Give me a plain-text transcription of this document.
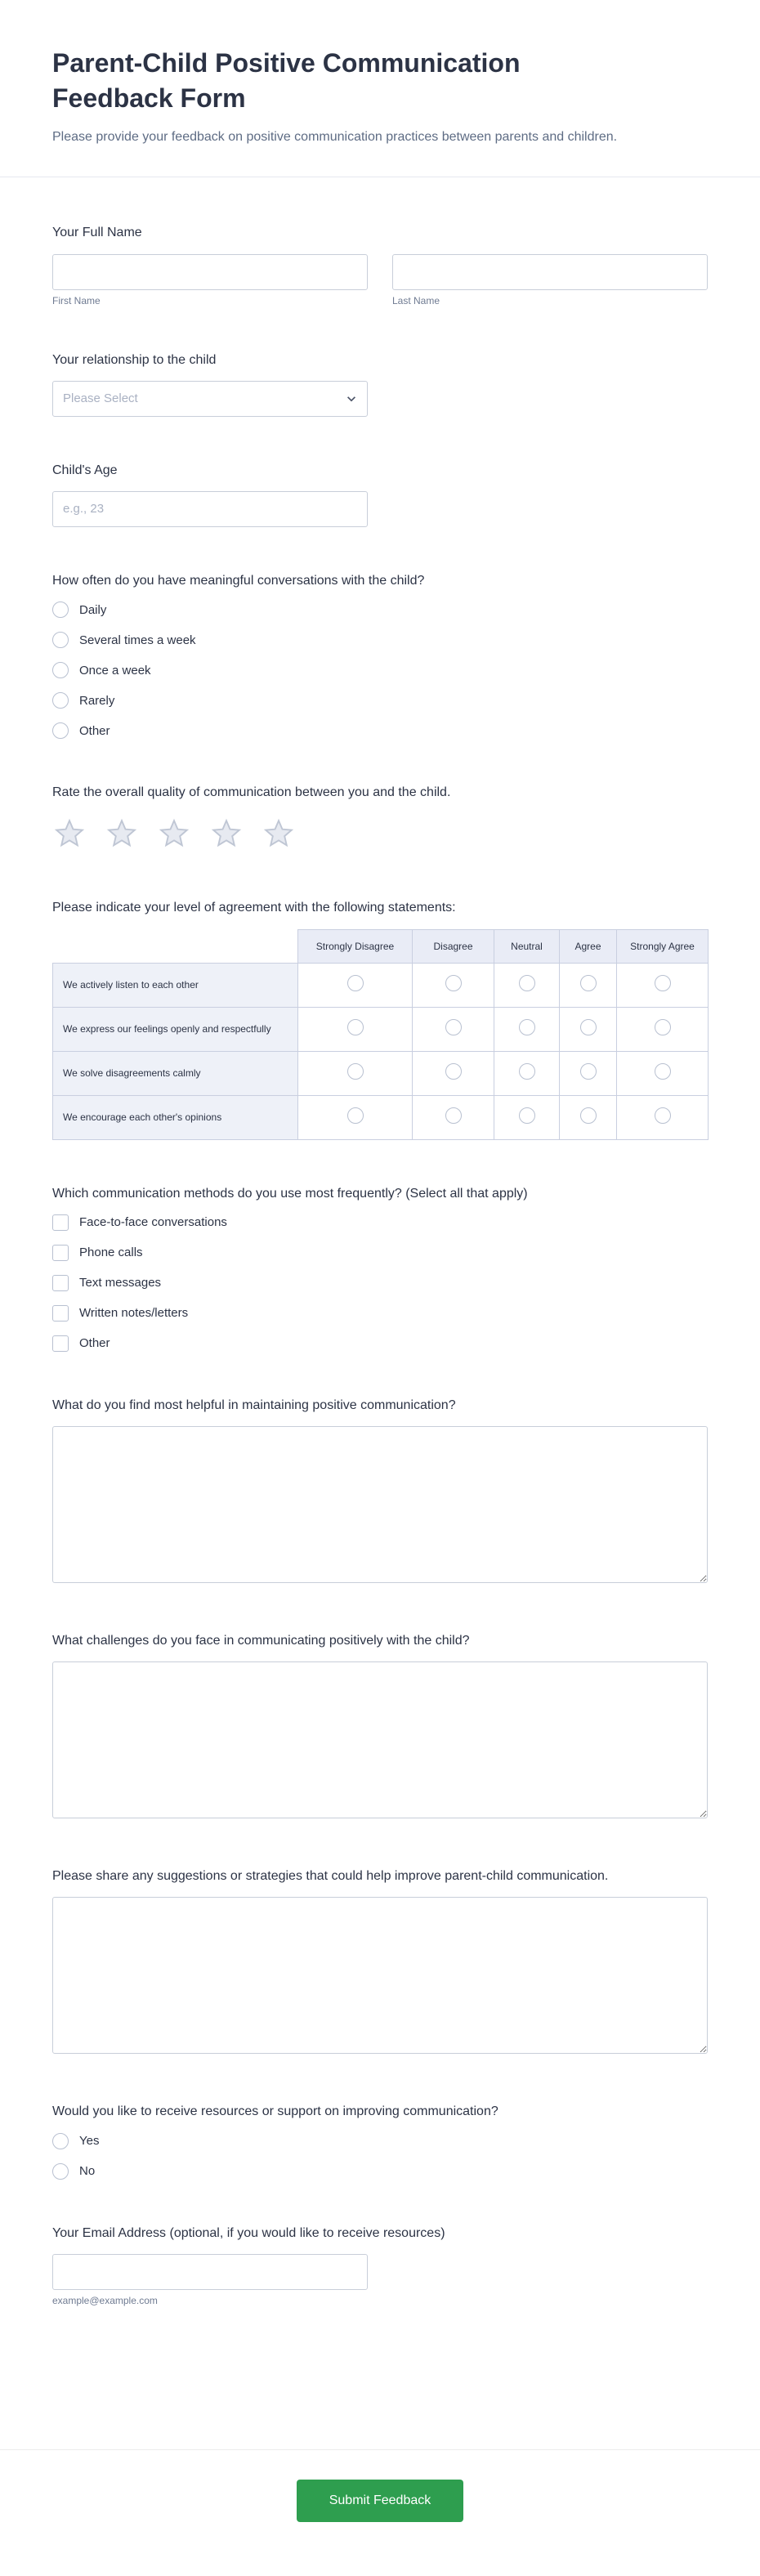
Parent-Child Positive Communication Feedback Form

Please provide your feedback on positive communication practices between parents and children.

Your Full Name
First Name	Last Name
Your relationship to the child
Please Select
Child's Age
e.g., 23
How often do you have meaningful conversations with the child?
Daily
Several times a week
Once a week
Rarely
Other
Rate the overall quality of communication between you and the child.
Please indicate your level of agreement with the following statements:
	Strongly Disagree	Disagree	Neutral	Agree	Strongly Agree
We actively listen to each other					
We express our feelings openly and respectfully					
We solve disagreements calmly					
We encourage each other's opinions					
Which communication methods do you use most frequently? (Select all that apply)
Face-to-face conversations
Phone calls
Text messages
Written notes/letters
Other
What do you find most helpful in maintaining positive communication?
What challenges do you face in communicating positively with the child?
Please share any suggestions or strategies that could help improve parent-child communication.
Would you like to receive resources or support on improving communication?
Yes
No
Your Email Address (optional, if you would like to receive resources)
example@example.com
Submit Feedback
